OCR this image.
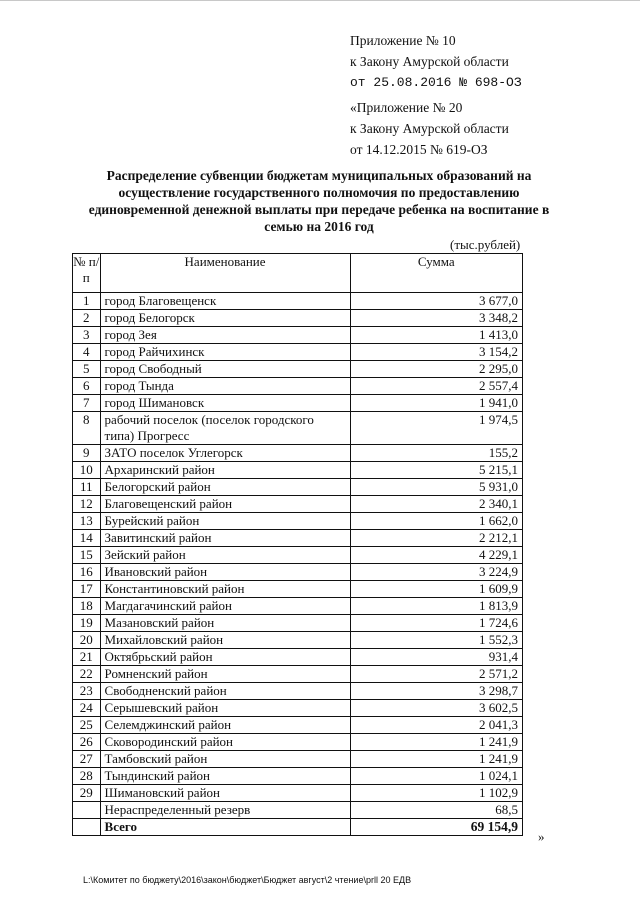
Приложение № 10
к Закону Амурской области
от 25.08.2016 № 698-ОЗ
«Приложение № 20
к Закону Амурской области
от 14.12.2015 № 619-ОЗ
Распределение субвенции бюджетам муниципальных образований на осуществление государственного полномочия по предоставлению единовременной денежной выплаты при передаче ребенка на воспитание в семью на 2016 год
(тыс.рублей)
№ п/п	Наименование	Сумма
1	город Благовещенск	3 677,0
2	город Белогорск	3 348,2
3	город Зея	1 413,0
4	город Райчихинск	3 154,2
5	город Свободный	2 295,0
6	город Тында	2 557,4
7	город Шимановск	1 941,0
8	рабочий поселок (поселок городского типа) Прогресс	1 974,5
9	ЗАТО поселок Углегорск	155,2
10	Архаринский район	5 215,1
11	Белогорский район	5 931,0
12	Благовещенский район	2 340,1
13	Бурейский район	1 662,0
14	Завитинский район	2 212,1
15	Зейский район	4 229,1
16	Ивановский район	3 224,9
17	Константиновский район	1 609,9
18	Магдагачинский район	1 813,9
19	Мазановский район	1 724,6
20	Михайловский район	1 552,3
21	Октябрьский район	931,4
22	Ромненский район	2 571,2
23	Свободненский район	3 298,7
24	Серышевский район	3 602,5
25	Селемджинский район	2 041,3
26	Сковородинский район	1 241,9
27	Тамбовский район	1 241,9
28	Тындинский район	1 024,1
29	Шимановский район	1 102,9
	Нераспределенный резерв	68,5
	Всего	69 154,9
»
L:\Комитет по бюджету\2016\закон\бюджет\Бюджет август\2 чтение\prll 20 ЕДВ
